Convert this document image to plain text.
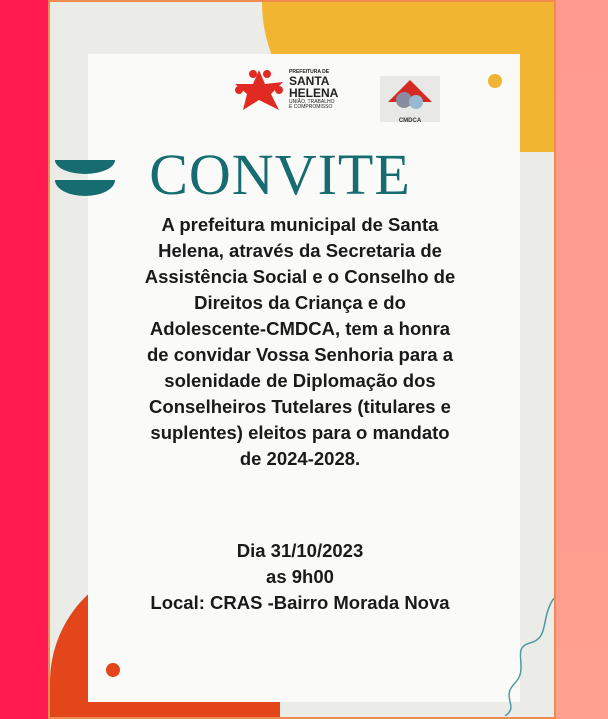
PREFEITURA DE
SANTA
HELENA
UNIÃO, TRABALHO
E COMPROMISSO
CMDCA
CONVITE
A prefeitura municipal de Santa
Helena, através da Secretaria de
Assistência Social e o Conselho de
Direitos da Criança e do
Adolescente-CMDCA, tem a honra
de convidar Vossa Senhoria para a
solenidade de Diplomação dos
Conselheiros Tutelares (titulares e
suplentes) eleitos para o mandato
de 2024-2028.
Dia 31/10/2023
as 9h00
Local: CRAS -Bairro Morada Nova
